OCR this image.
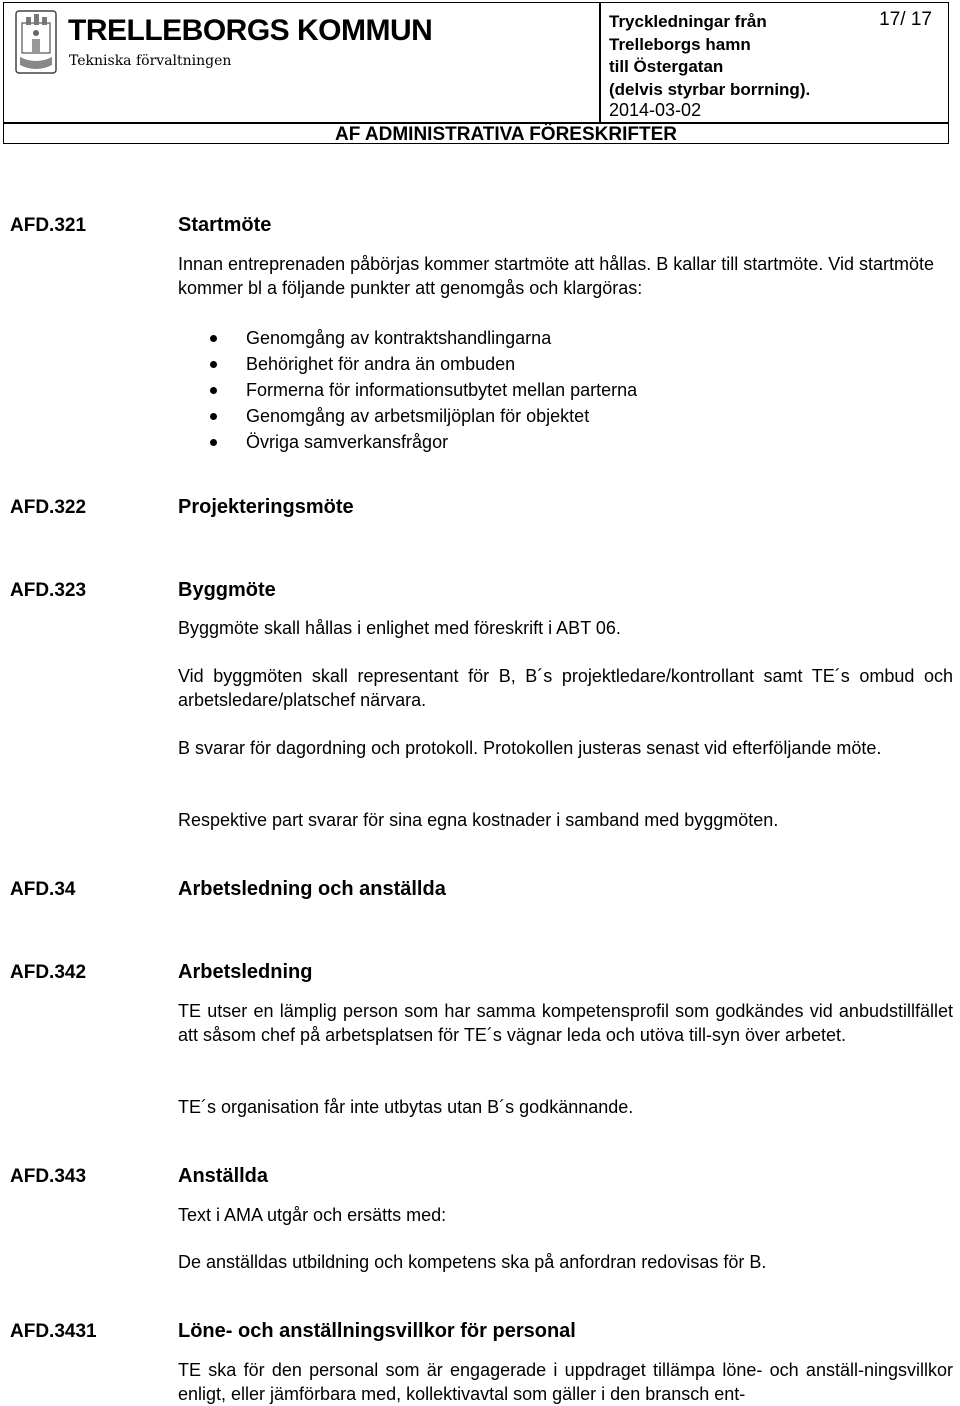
TRELLEBORGS KOMMUN
Tekniska förvaltningen
Tryckledningar från
Trelleborgs hamn
till Östergatan
(delvis styrbar borrning).
2014-03-02
17/ 17
AF ADMINISTRATIVA FÖRESKRIFTER
AFD.321	Startmöte
Innan entreprenaden påbörjas kommer startmöte att hållas. B kallar till startmöte. Vid startmöte kommer bl a följande punkter att genomgås och klargöras:
Genomgång av kontraktshandlingarna
Behörighet för andra än ombuden
Formerna för informationsutbytet mellan parterna
Genomgång av arbetsmiljöplan för objektet
Övriga samverkansfrågor
AFD.322	Projekteringsmöte
AFD.323	Byggmöte
Byggmöte skall hållas i enlighet med föreskrift i ABT 06.
Vid byggmöten skall representant för B, B´s projektledare/kontrollant samt TE´s ombud och arbetsledare/platschef närvara.
B svarar för dagordning och protokoll. Protokollen justeras senast vid efterföljande möte.
Respektive part svarar för sina egna kostnader i samband med byggmöten.
AFD.34	Arbetsledning och anställda
AFD.342	Arbetsledning
TE utser en lämplig person som har samma kompetensprofil som godkändes vid anbudstillfället att såsom chef på arbetsplatsen för TE´s vägnar leda och utöva till-syn över arbetet.
TE´s organisation får inte utbytas utan B´s godkännande.
AFD.343	Anställda
Text i AMA utgår och ersätts med:
De anställdas utbildning och kompetens ska på anfordran redovisas för B.
AFD.3431	Löne- och anställningsvillkor för personal
TE ska för den personal som är engagerade i uppdraget tillämpa löne- och anställ-ningsvillkor enligt, eller jämförbara med, kollektivavtal som gäller i den bransch ent-
